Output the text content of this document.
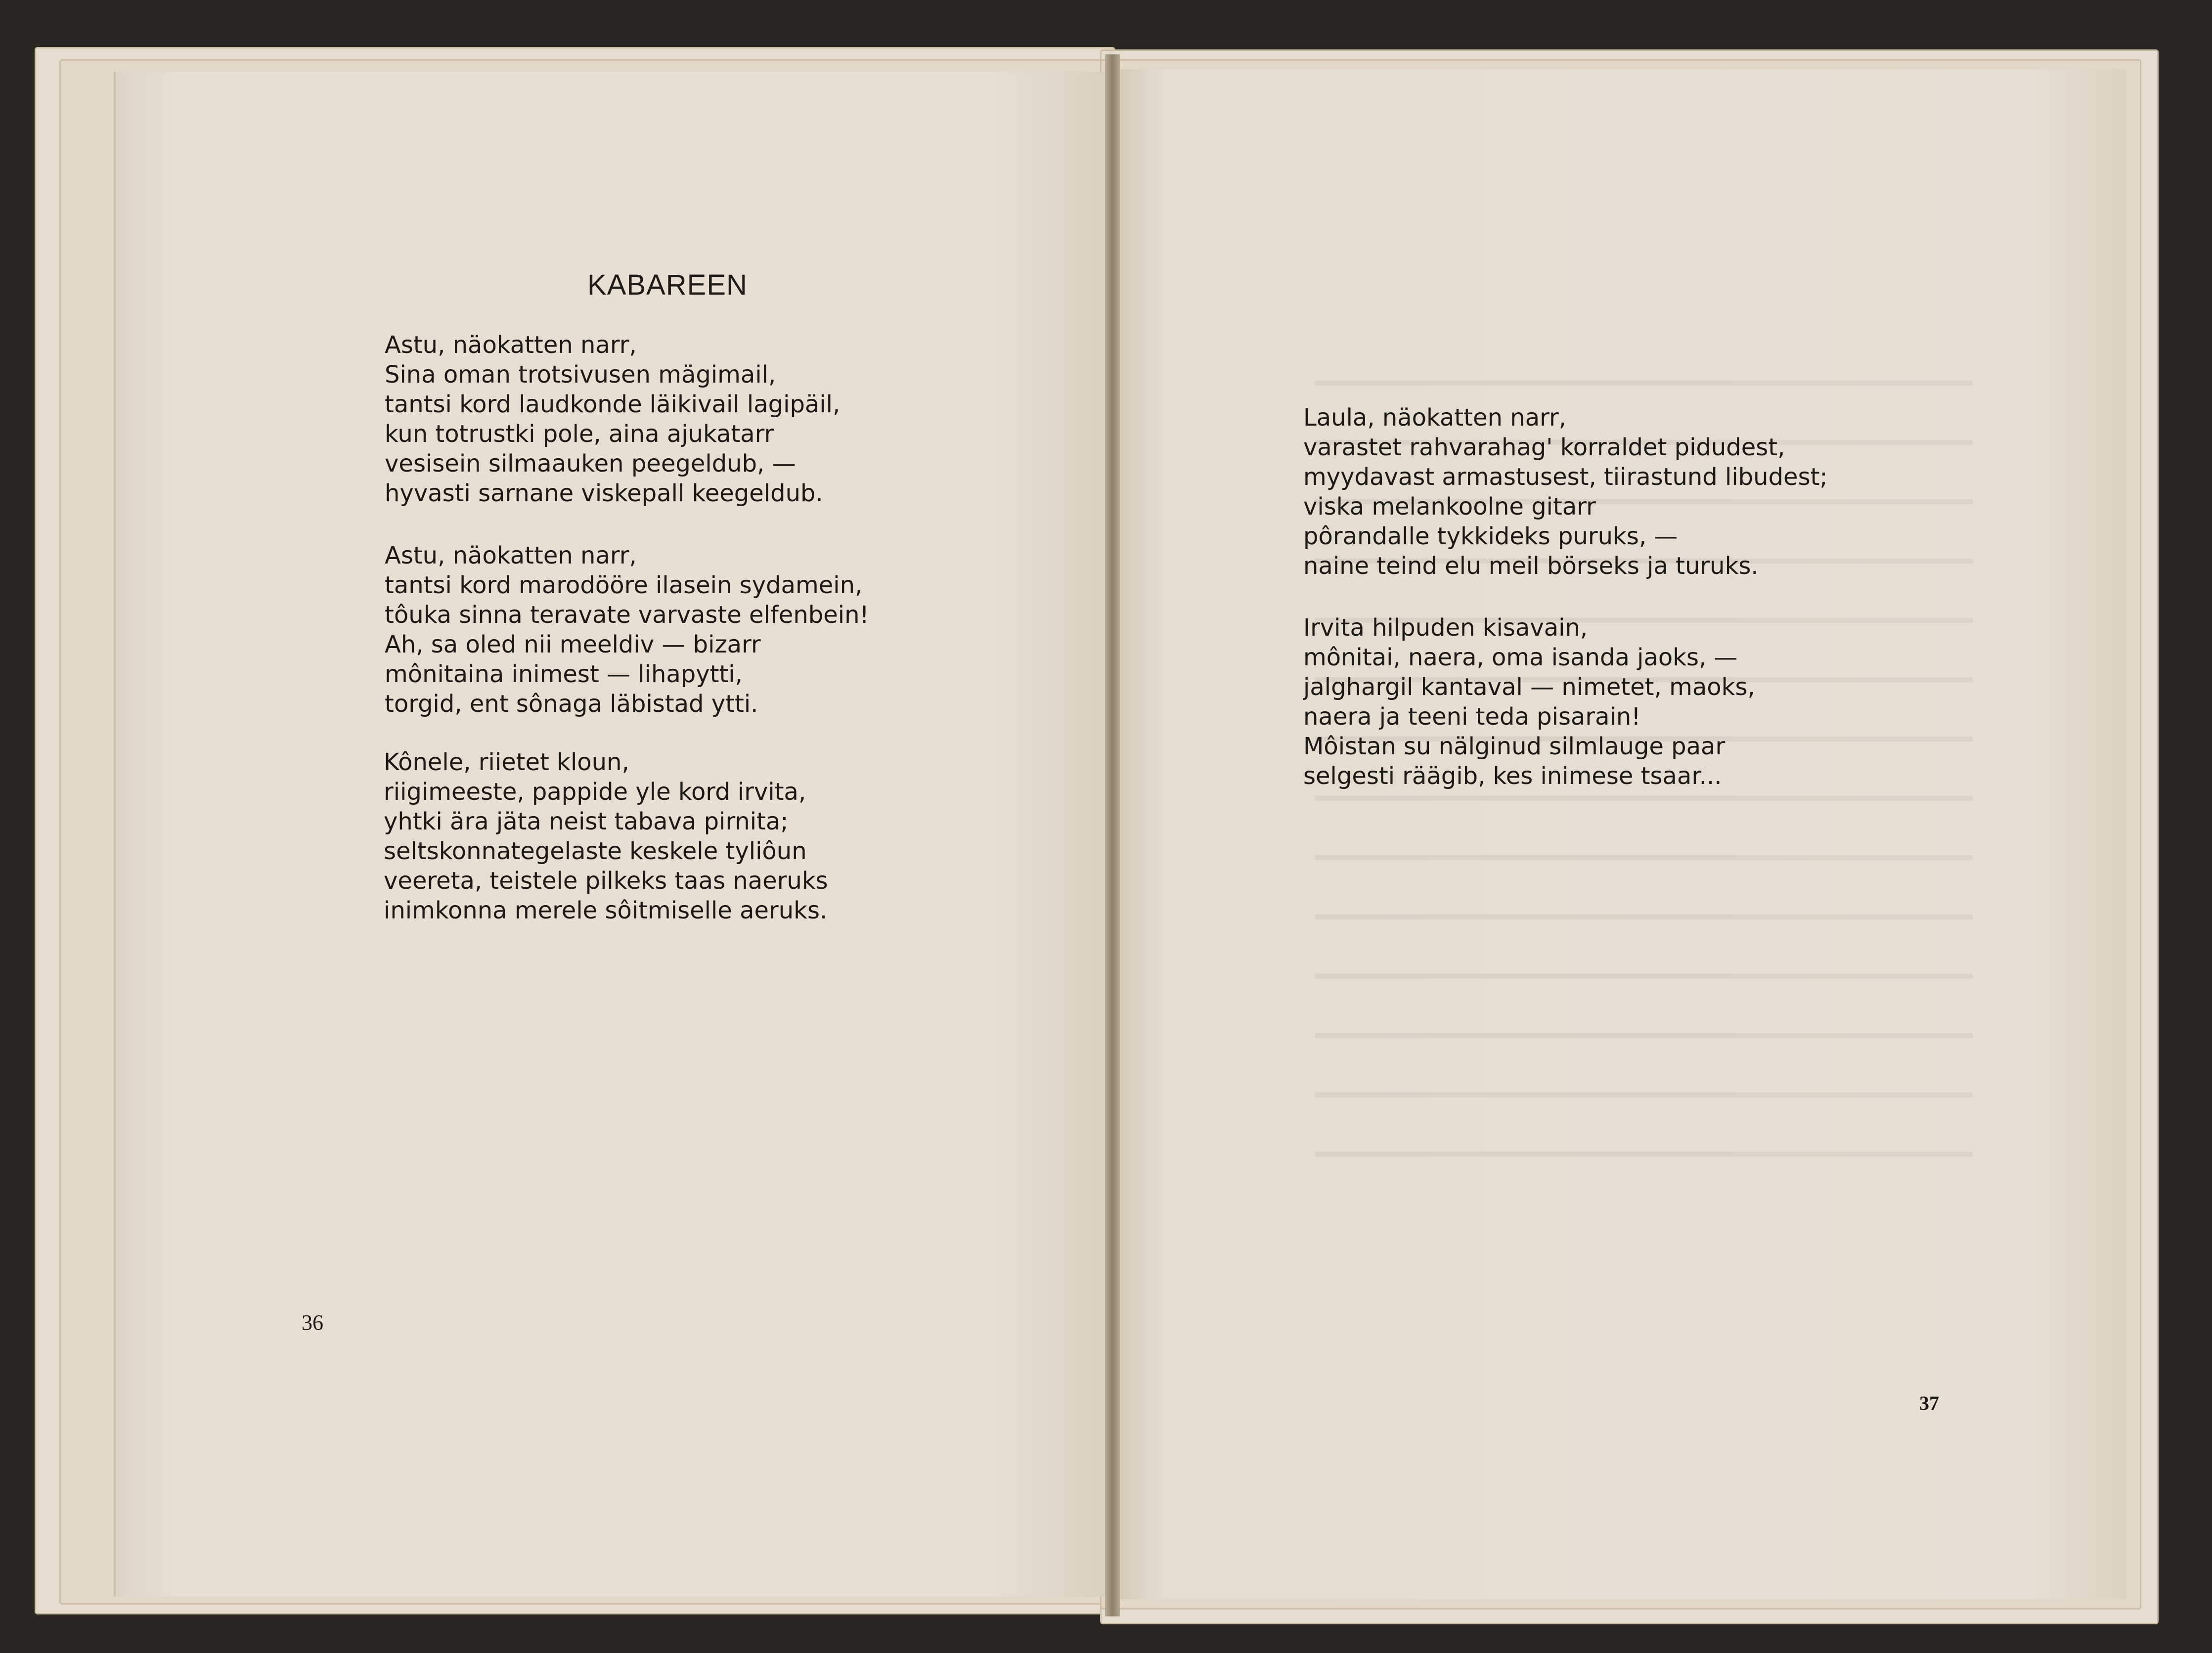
KABAREEN
Astu, näokatten narr,
Sina oman trotsivusen mägimail,
tantsi kord laudkonde läikivail lagipäil,
kun totrustki pole, aina ajukatarr
vesisein silmaauken peegeldub, —
hyvasti sarnane viskepall keegeldub.
Astu, näokatten narr,
tantsi kord marodööre ilasein sydamein,
tôuka sinna teravate varvaste elfenbein!
Ah, sa oled nii meeldiv — bizarr
mônitaina inimest — lihapytti,
torgid, ent sônaga läbistad ytti.
Kônele, riietet kloun,
riigimeeste, pappide yle kord irvita,
yhtki ära jäta neist tabava pirnita;
seltskonnategelaste keskele tyliôun
veereta, teistele pilkeks taas naeruks
inimkonna merele sôitmiselle aeruks.
Laula, näokatten narr,
varastet rahvarahag' korraldet pidudest,
myydavast armastusest, tiirastund libudest;
viska melankoolne gitarr
pôrandalle tykkideks puruks, —
naine teind elu meil börseks ja turuks.
Irvita hilpuden kisavain,
mônitai, naera, oma isanda jaoks, —
jalghargil kantaval — nimetet, maoks,
naera ja teeni teda pisarain!
Môistan su nälginud silmlauge paar
selgesti räägib, kes inimese tsaar...
36
37
